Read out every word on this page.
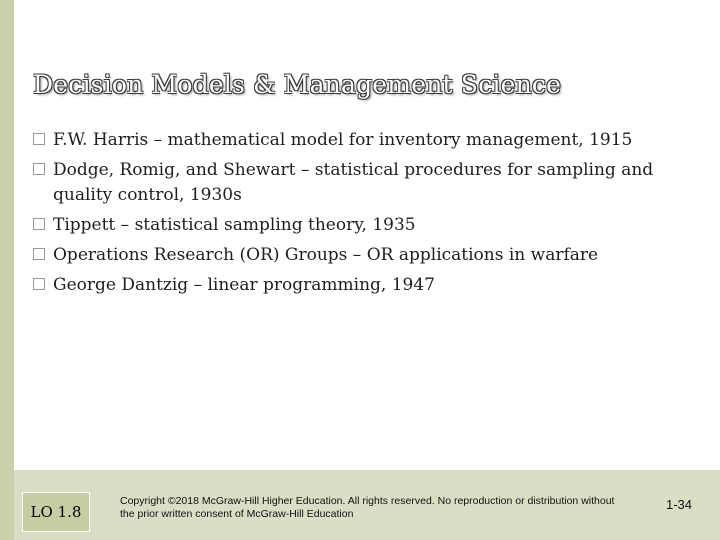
Decision Models & Management Science
F.W. Harris – mathematical model for inventory management, 1915
Dodge, Romig, and Shewart – statistical procedures for sampling and quality control, 1930s
Tippett – statistical sampling theory, 1935
Operations Research (OR) Groups – OR applications in warfare
George Dantzig – linear programming, 1947
LO 1.8
Copyright ©2018 McGraw-Hill Higher Education. All rights reserved. No reproduction or distribution without the prior written consent of McGraw-Hill Education
1-34
